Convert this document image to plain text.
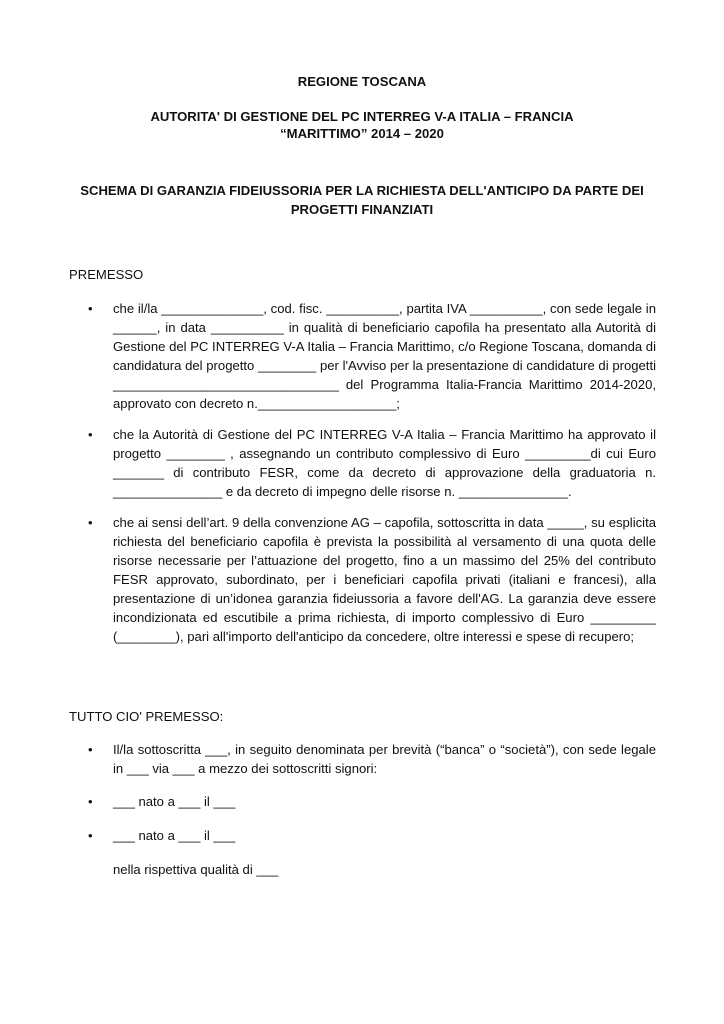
REGIONE TOSCANA

AUTORITA' DI GESTIONE DEL PC INTERREG V-A ITALIA – FRANCIA

“MARITTIMO” 2014 – 2020

SCHEMA DI GARANZIA FIDEIUSSORIA PER LA RICHIESTA DELL'ANTICIPO DA PARTE DEI

PROGETTI FINANZIATI

PREMESSO

• che il/la ______________, cod. fisc. __________, partita IVA __________, con sede legale in ______, in data __________ in qualità di beneficiario capofila ha presentato alla Autorità di Gestione del PC INTERREG V-A Italia – Francia Marittimo, c/o Regione Toscana, domanda di candidatura del progetto ________ per l'Avviso per la presentazione di candidature di progetti _______________________________ del Programma Italia-Francia Marittimo 2014-2020, approvato con decreto n.___________________;

• che la Autorità di Gestione del PC INTERREG V-A Italia – Francia Marittimo ha approvato il progetto ________ , assegnando un contributo complessivo di Euro _________di cui Euro _______ di contributo FESR, come da decreto di approvazione della graduatoria n. _______________ e da decreto di impegno delle risorse n. _______________.

• che ai sensi dell’art. 9 della convenzione AG – capofila, sottoscritta in data _____, su esplicita richiesta del beneficiario capofila è prevista la possibilità al versamento di una quota delle risorse necessarie per l’attuazione del progetto, fino a un massimo del 25% del contributo FESR approvato, subordinato, per i beneficiari capofila privati (italiani e francesi), alla presentazione di un’idonea garanzia fideiussoria a favore dell'AG. La garanzia deve essere incondizionata ed escutibile a prima richiesta, di importo complessivo di Euro _________ (________), pari all'importo dell'anticipo da concedere, oltre interessi e spese di recupero;

TUTTO CIO' PREMESSO:

• Il/la sottoscritta ___, in seguito denominata per brevità (“banca” o “società”), con sede legale in ___ via ___ a mezzo dei sottoscritti signori:

• ___ nato a ___ il ___

• ___ nato a ___ il ___

nella rispettiva qualità di ___
